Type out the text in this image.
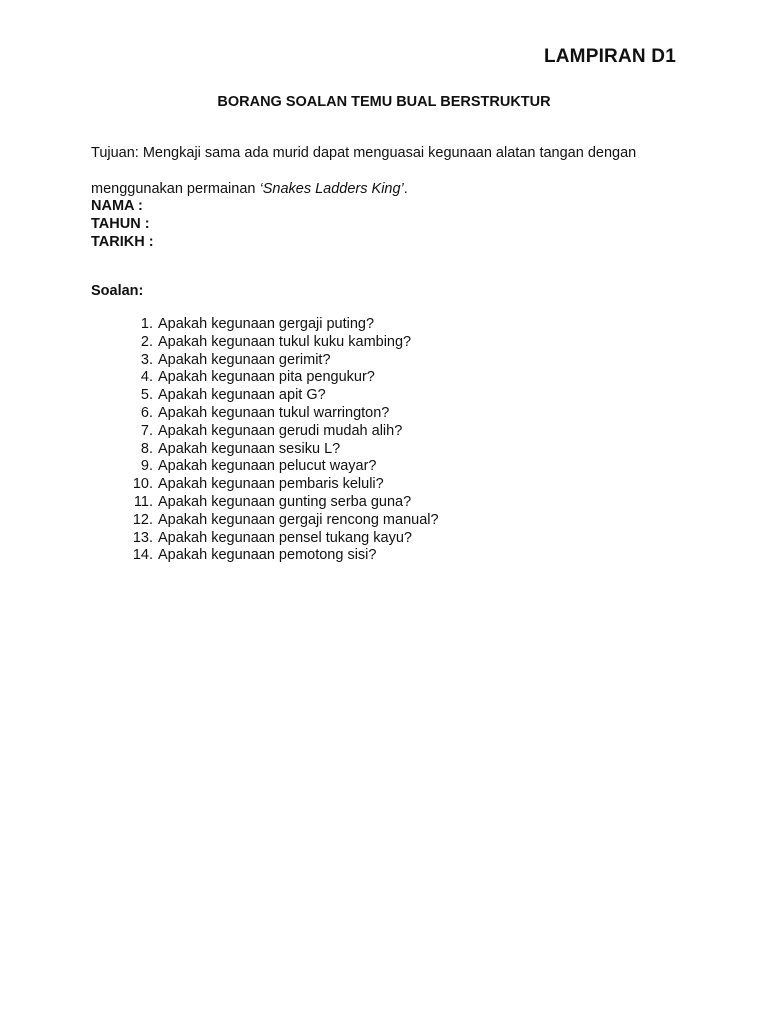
LAMPIRAN D1
BORANG SOALAN TEMU BUAL BERSTRUKTUR
Tujuan: Mengkaji sama ada murid dapat menguasai kegunaan alatan tangan dengan
menggunakan permainan ‘Snakes Ladders King’.
NAMA :
TAHUN :
TARIKH :
Soalan:
1. Apakah kegunaan gergaji puting?
2. Apakah kegunaan tukul kuku kambing?
3. Apakah kegunaan gerimit?
4. Apakah kegunaan pita pengukur?
5. Apakah kegunaan apit G?
6. Apakah kegunaan tukul warrington?
7. Apakah kegunaan gerudi mudah alih?
8. Apakah kegunaan sesiku L?
9. Apakah kegunaan pelucut wayar?
10. Apakah kegunaan pembaris keluli?
11. Apakah kegunaan gunting serba guna?
12. Apakah kegunaan gergaji rencong manual?
13. Apakah kegunaan pensel tukang kayu?
14. Apakah kegunaan pemotong sisi?
